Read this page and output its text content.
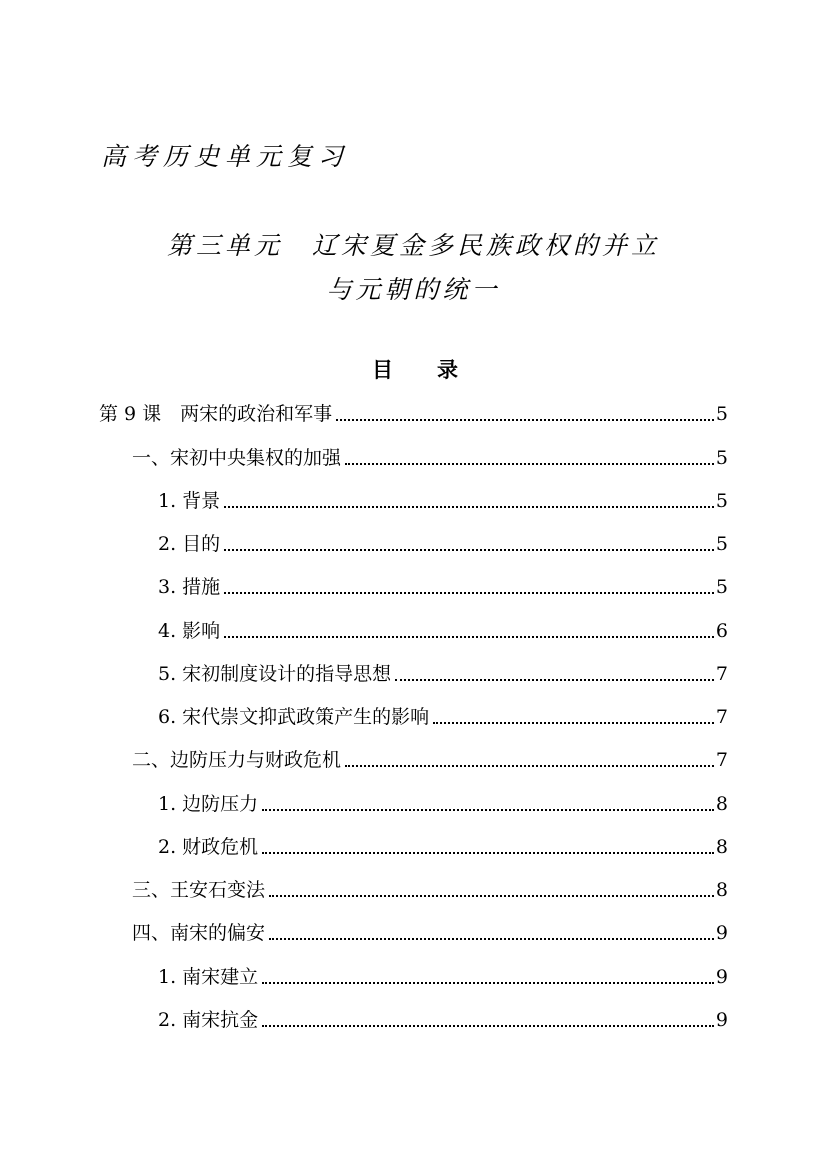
高考历史单元复习
第三单元　辽宋夏金多民族政权的并立
与元朝的统一
目 录
第 9 课　两宋的政治和军事	5
一、宋初中央集权的加强	5
1. 背景	5
2. 目的	5
3. 措施	5
4. 影响	6
5. 宋初制度设计的指导思想	7
6. 宋代崇文抑武政策产生的影响	7
二、边防压力与财政危机	7
1. 边防压力	8
2. 财政危机	8
三、王安石变法	8
四、南宋的偏安	9
1. 南宋建立	9
2. 南宋抗金	9
